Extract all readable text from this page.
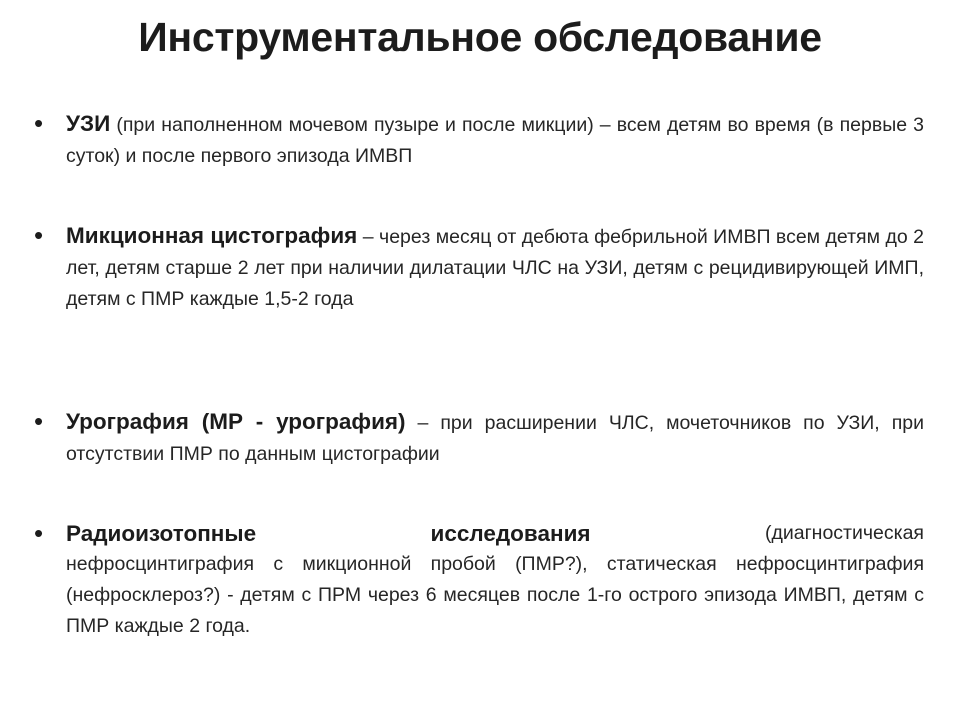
Инструментальное обследование
• УЗИ (при наполненном мочевом пузыре и после микции) – всем детям во время (в первые 3 суток) и после первого эпизода ИМВП
• Микционная цистография – через месяц от дебюта фебрильной ИМВП всем детям до 2 лет, детям старше 2 лет при наличии дилатации ЧЛС на УЗИ, детям с рецидивирующей ИМП, детям с ПМР каждые 1,5-2 года
• Урография (МР - урография) – при расширении ЧЛС, мочеточников по УЗИ, при отсутствии ПМР по данным цистографии
• Радиоизотопные	исследования	(диагностическая
нефросцинтиграфия с микционной пробой (ПМР?), статическая нефросцинтиграфия (нефросклероз?) - детям с ПРМ через 6 месяцев после 1-го острого эпизода ИМВП, детям с ПМР каждые 2 года.
